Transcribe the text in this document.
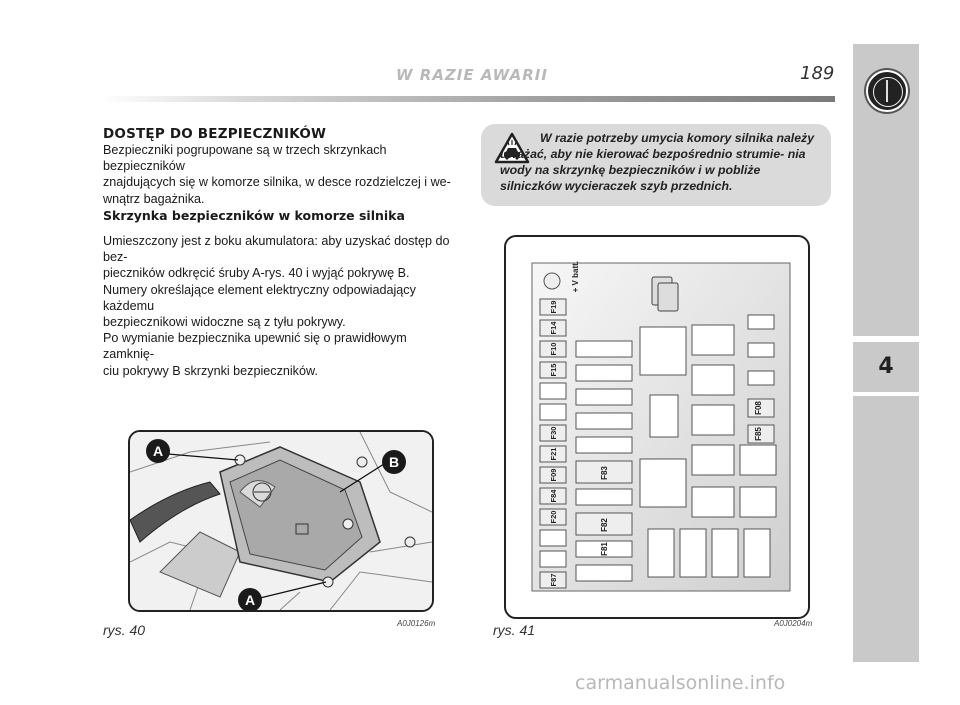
W RAZIE AWARII	189
4
DOSTĘP DO BEZPIECZNIKÓW
Bezpieczniki pogrupowane są w trzech skrzynkach bezpieczników
znajdujących się w komorze silnika, w desce rozdzielczej i we-
wnątrz bagażnika.
Skrzynka bezpieczników w komorze silnika
Umieszczony jest z boku akumulatora: aby uzyskać dostęp do bez-
pieczników odkręcić śruby A-rys. 40 i wyjąć pokrywę B.
Numery określające element elektryczny odpowiadający każdemu
bezpiecznikowi widoczne są z tyłu pokrywy.
Po wymianie bezpiecznika upewnić się o prawidłowym zamknię-
ciu pokrywy B skrzynki bezpieczników.
W razie potrzeby umycia komory silnika należy uważać, aby nie kierować bezpośrednio strumie- nia wody na skrzynkę bezpieczników i w pobliże silniczków wycieraczek szyb przednich.
A
B
A
rys. 40	A0J0126m
+ V batt.
F19
F14
F10
F15
F30
F21
F09
F84
F20
F87
F83
F82
F81
F08
F85
rys. 41	A0J0204m
carmanualsonline.info
